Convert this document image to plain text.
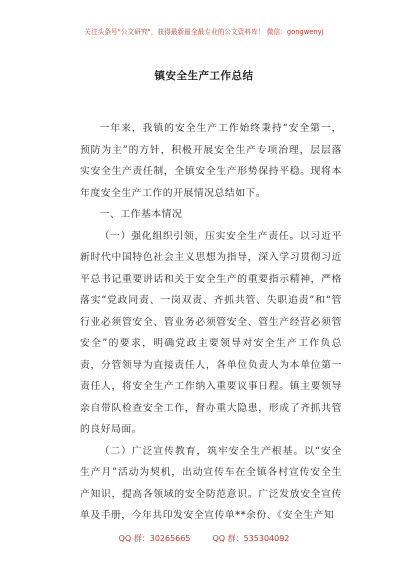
关注头条号"公文研究"，获得最新最全最专业的公文资料库！ 微信：gongwenyj
镇安全生产工作总结

一年来，我镇的安全生产工作始终秉持“安全第一，预防为主”的方针，积极开展安全生产专项治理，层层落实安全生产责任制，全镇安全生产形势保持平稳。现将本年度安全生产工作的开展情况总结如下。

一、工作基本情况

（一）强化组织引领，压实安全生产责任。以习近平新时代中国特色社会主义思想为指导，深入学习贯彻习近平总书记重要讲话和关于安全生产的重要指示精神，严格落实“党政同责、一岗双责、齐抓共管、失职追责”和“管行业必须管安全、管业务必须管安全、管生产经营必须管安全”的要求，明确党政主要领导对安全生产工作负总责，分管领导为直接责任人，各单位负责人为本单位第一责任人，将安全生产工作纳入重要议事日程。镇主要领导亲自带队检查安全工作，督办重大隐患，形成了齐抓共管的良好局面。

（二）广泛宣传教育，筑牢安全生产根基。以“安全生产月”活动为契机，出动宣传车在全镇各村宣传安全生产知识，提高各领域的安全防范意识。广泛发放安全宣传单及手册，今年共印发安全宣传单**余份、《安全生产知

QQ 群：30265665	QQ 群：535304092
